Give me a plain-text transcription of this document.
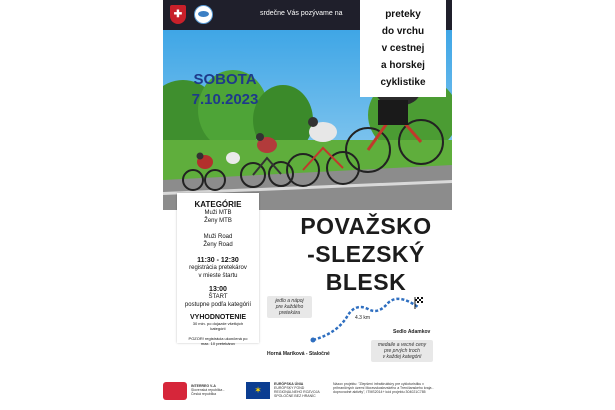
✚	srdečne Vás pozývame na
SOBOTA
7.10.2023
preteky
do vrchu
v cestnej
a horskej
cyklistike
KATEGÓRIE
Muži MTB
Ženy MTB
Muži Road
Ženy Road
11:30 - 12:30
registrácia pretekárov
v mieste štartu
13:00
ŠTART
postupne podľa kategórií
VYHODNOTENIE
30 min. po dojazde všetkých
kategórií
POZOR! registrácia ukončená po
max. 10 pretekárov
POVAŽSKO
-SLEZSKÝ
BLESK
jedlo a nápoj
pre každého
pretekára
4.3 km
Sedlo Adamkov
Horná Maríková - Staločné
medaile a vecné ceny
pre prvých troch
v každej kategórii
INTERREG V-A
Slovenská republika -
Česká republika	✶
EURÓPSKA ÚNIA
EURÓPSKY FOND
REGIONÁLNEHO ROZVOJA
SPOLOČNE BEZ HRANÍC
Názov projektu: "Zlepšení infraštruktúry pre cykloturistiku v
príhraničných území Moravskoslezského a Trenčianskeho kraja -
doprovodné aktivity", ITMS2014+ kód projektu 304021C785
